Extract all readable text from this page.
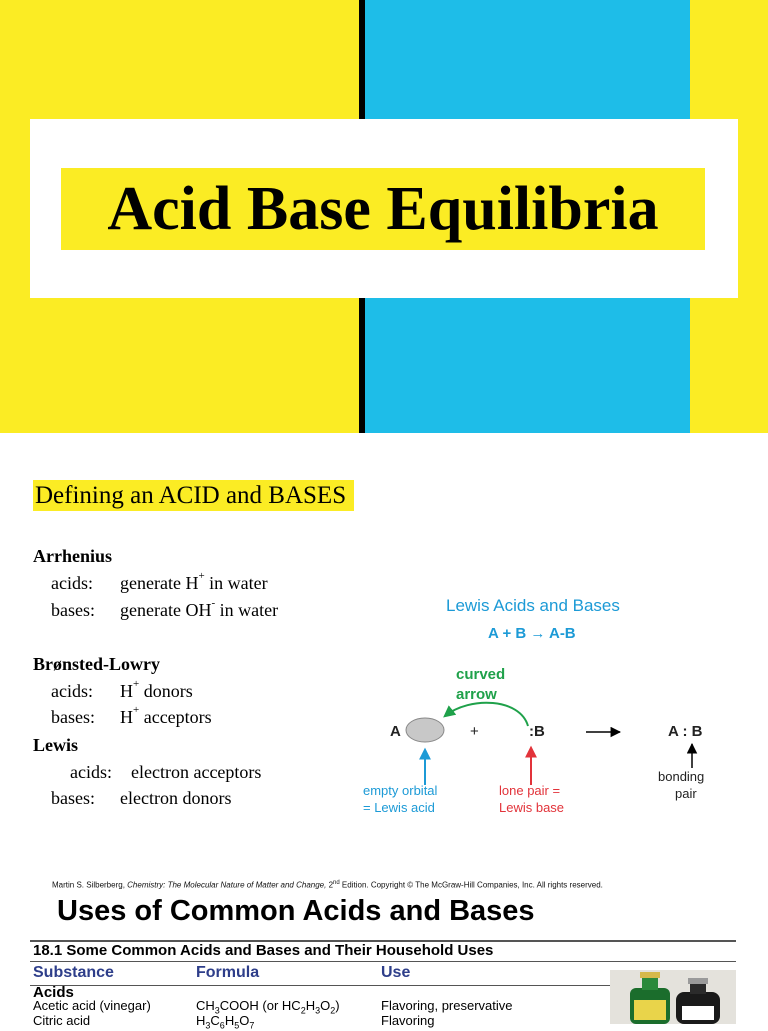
Acid Base Equilibria
Defining an ACID and BASES
Arrhenius
acids: generate H+ in water
bases: generate OH- in water
Brønsted-Lowry
acids: H+ donors
bases: H+ acceptors
Lewis
acids: electron acceptors
bases: electron donors
Lewis Acids and Bases
A + B → A-B
curved
arrow
A	+	:B	A : B
empty orbital
= Lewis acid
lone pair =
Lewis base
bonding
pair
Martin S. Silberberg, Chemistry: The Molecular Nature of Matter and Change, 2nd Edition. Copyright © The McGraw-Hill Companies, Inc. All rights reserved.
Uses of Common Acids and Bases
18.1 Some Common Acids and Bases and Their Household Uses
Substance	Formula	Use
Acids
Acetic acid (vinegar)	$CH_3COOH$ (or $HC_2H_3O_2$)	Flavoring, preservative
Citric acid	$H_3C_6H_5O_7$	Flavoring
